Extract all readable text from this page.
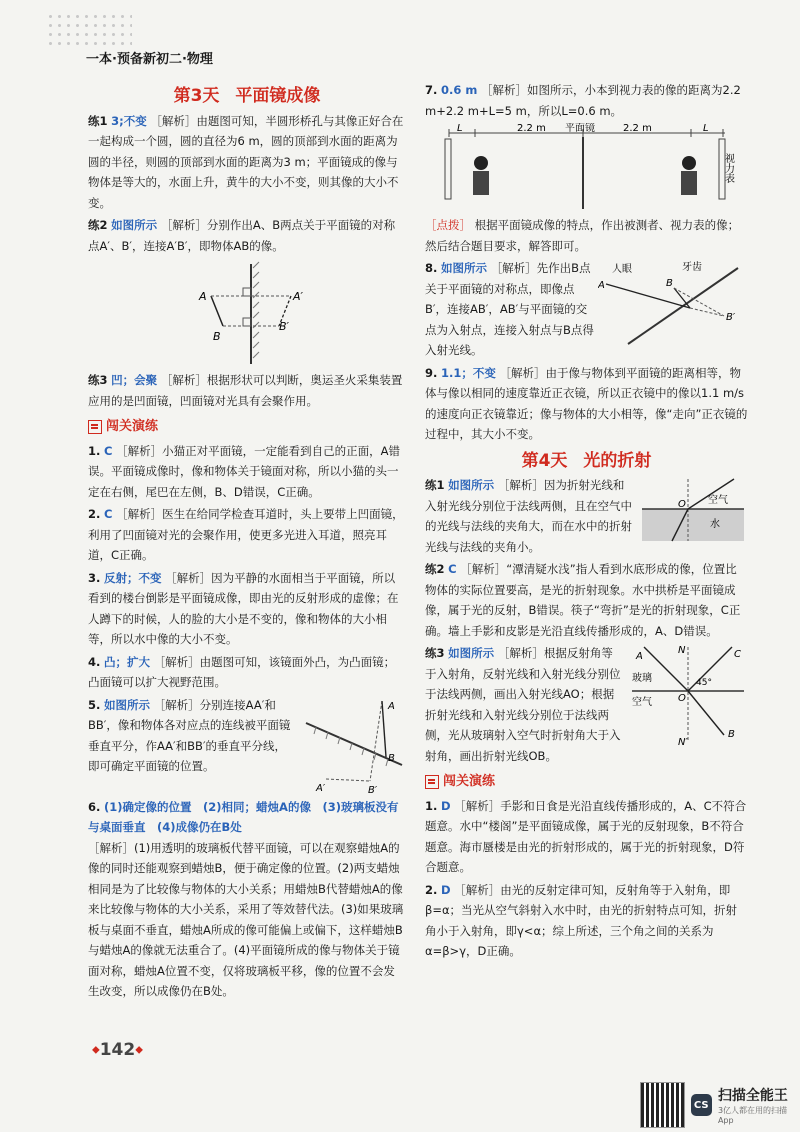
一本·预备新初二·物理
第3天 平面镜成像
练1 3;不变 ［解析］由题图可知，半圆形桥孔与其像正好合在一起构成一个圆，圆的直径为6 m，圆的顶部到水面的距离为圆的半径，则圆的顶部到水面的距离为3 m；平面镜成的像与物体是等大的，水面上升，黄牛的大小不变，则其像的大小不变。
练2 如图所示 ［解析］分别作出A、B两点关于平面镜的对称点A′、B′，连接A′B′，即物体AB的像。
A
B
A′
B′
练3 凹；会聚 ［解析］根据形状可以判断，奥运圣火采集装置应用的是凹面镜，凹面镜对光具有会聚作用。
闯关演练
1. C ［解析］小猫正对平面镜，一定能看到自己的正面，A错误。平面镜成像时，像和物体关于镜面对称，所以小猫的头一定在右侧，尾巴在左侧，B、D错误，C正确。
2. C ［解析］医生在给同学检查耳道时，头上要带上凹面镜，利用了凹面镜对光的会聚作用，使更多光进入耳道，照亮耳道，C正确。
3. 反射；不变 ［解析］因为平静的水面相当于平面镜，所以看到的楼台倒影是平面镜成像，即由光的反射形成的虚像；在人蹲下的时候，人的脸的大小是不变的，像和物体的大小相等，所以水中像的大小不变。
4. 凸；扩大 ［解析］由题图可知，该镜面外凸，为凸面镜；凸面镜可以扩大视野范围。
B
A
A′	B′
5. 如图所示 ［解析］分别连接AA′和BB′，像和物体各对应点的连线被平面镜垂直平分，作AA′和BB′的垂直平分线，即可确定平面镜的位置。
6. (1)确定像的位置　(2)相同；蜡烛A的像　(3)玻璃板没有与桌面垂直　(4)成像仍在B处
［解析］(1)用透明的玻璃板代替平面镜，可以在观察蜡烛A的像的同时还能观察到蜡烛B，便于确定像的位置。(2)两支蜡烛相同是为了比较像与物体的大小关系；用蜡烛B代替蜡烛A的像来比较像与物体的大小关系，采用了等效替代法。(3)如果玻璃板与桌面不垂直，蜡烛A所成的像可能偏上或偏下，这样蜡烛B与蜡烛A的像就无法重合了。(4)平面镜所成的像与物体关于镜面对称，蜡烛A位置不变，仅将玻璃板平移，像的位置不会发生改变，所以成像仍在B处。
7. 0.6 m ［解析］如图所示，小本到视力表的像的距离为2.2 m+2.2 m+L=5 m，所以L=0.6 m。
L	2.2 m 平面镜	2.2 m	L
视力表
［点拨］ 根据平面镜成像的特点，作出被测者、视力表的像；然后结合题目要求，解答即可。
人眼	牙齿
A	B
B′
8. 如图所示 ［解析］先作出B点关于平面镜的对称点，即像点B′，连接AB′，AB′与平面镜的交点为入射点，连接入射点与B点得入射光线。
9. 1.1；不变 ［解析］由于像与物体到平面镜的距离相等，物体与像以相同的速度靠近正衣镜，所以正衣镜中的像以1.1 m/s的速度向正衣镜靠近；像与物体的大小相等，像“走向”正衣镜的过程中，其大小不变。
第4天 光的折射
O 空气
水
练1 如图所示 ［解析］因为折射光线和入射光线分别位于法线两侧，且在空气中的光线与法线的夹角大，而在水中的折射光线与法线的夹角小。
练2 C ［解析］“潭清疑水浅”指人看到水底形成的像，位置比物体的实际位置要高，是光的折射现象。水中拱桥是平面镜成像，属于光的反射，B错误。筷子“弯折”是光的折射现象，C正确。墙上手影和皮影是光沿直线传播形成的，A、D错误。
N
N′
A	C
O
B
玻璃
空气
45°
练3 如图所示 ［解析］根据反射角等于入射角，反射光线和入射光线分别位于法线两侧，画出入射光线AO；根据折射光线和入射光线分别位于法线两侧，光从玻璃射入空气时折射角大于入射角，画出折射光线OB。
闯关演练
1. D ［解析］手影和日食是光沿直线传播形成的，A、C不符合题意。水中“楼阁”是平面镜成像，属于光的反射现象，B不符合题意。海市蜃楼是由光的折射形成的，属于光的折射现象，D符合题意。
2. D ［解析］由光的反射定律可知，反射角等于入射角，即β=α；当光从空气斜射入水中时，由光的折射特点可知，折射角小于入射角，即γ<α；综上所述，三个角之间的关系为α=β>γ，D正确。
◆142◆
CS
扫描全能王
3亿人都在用的扫描App
